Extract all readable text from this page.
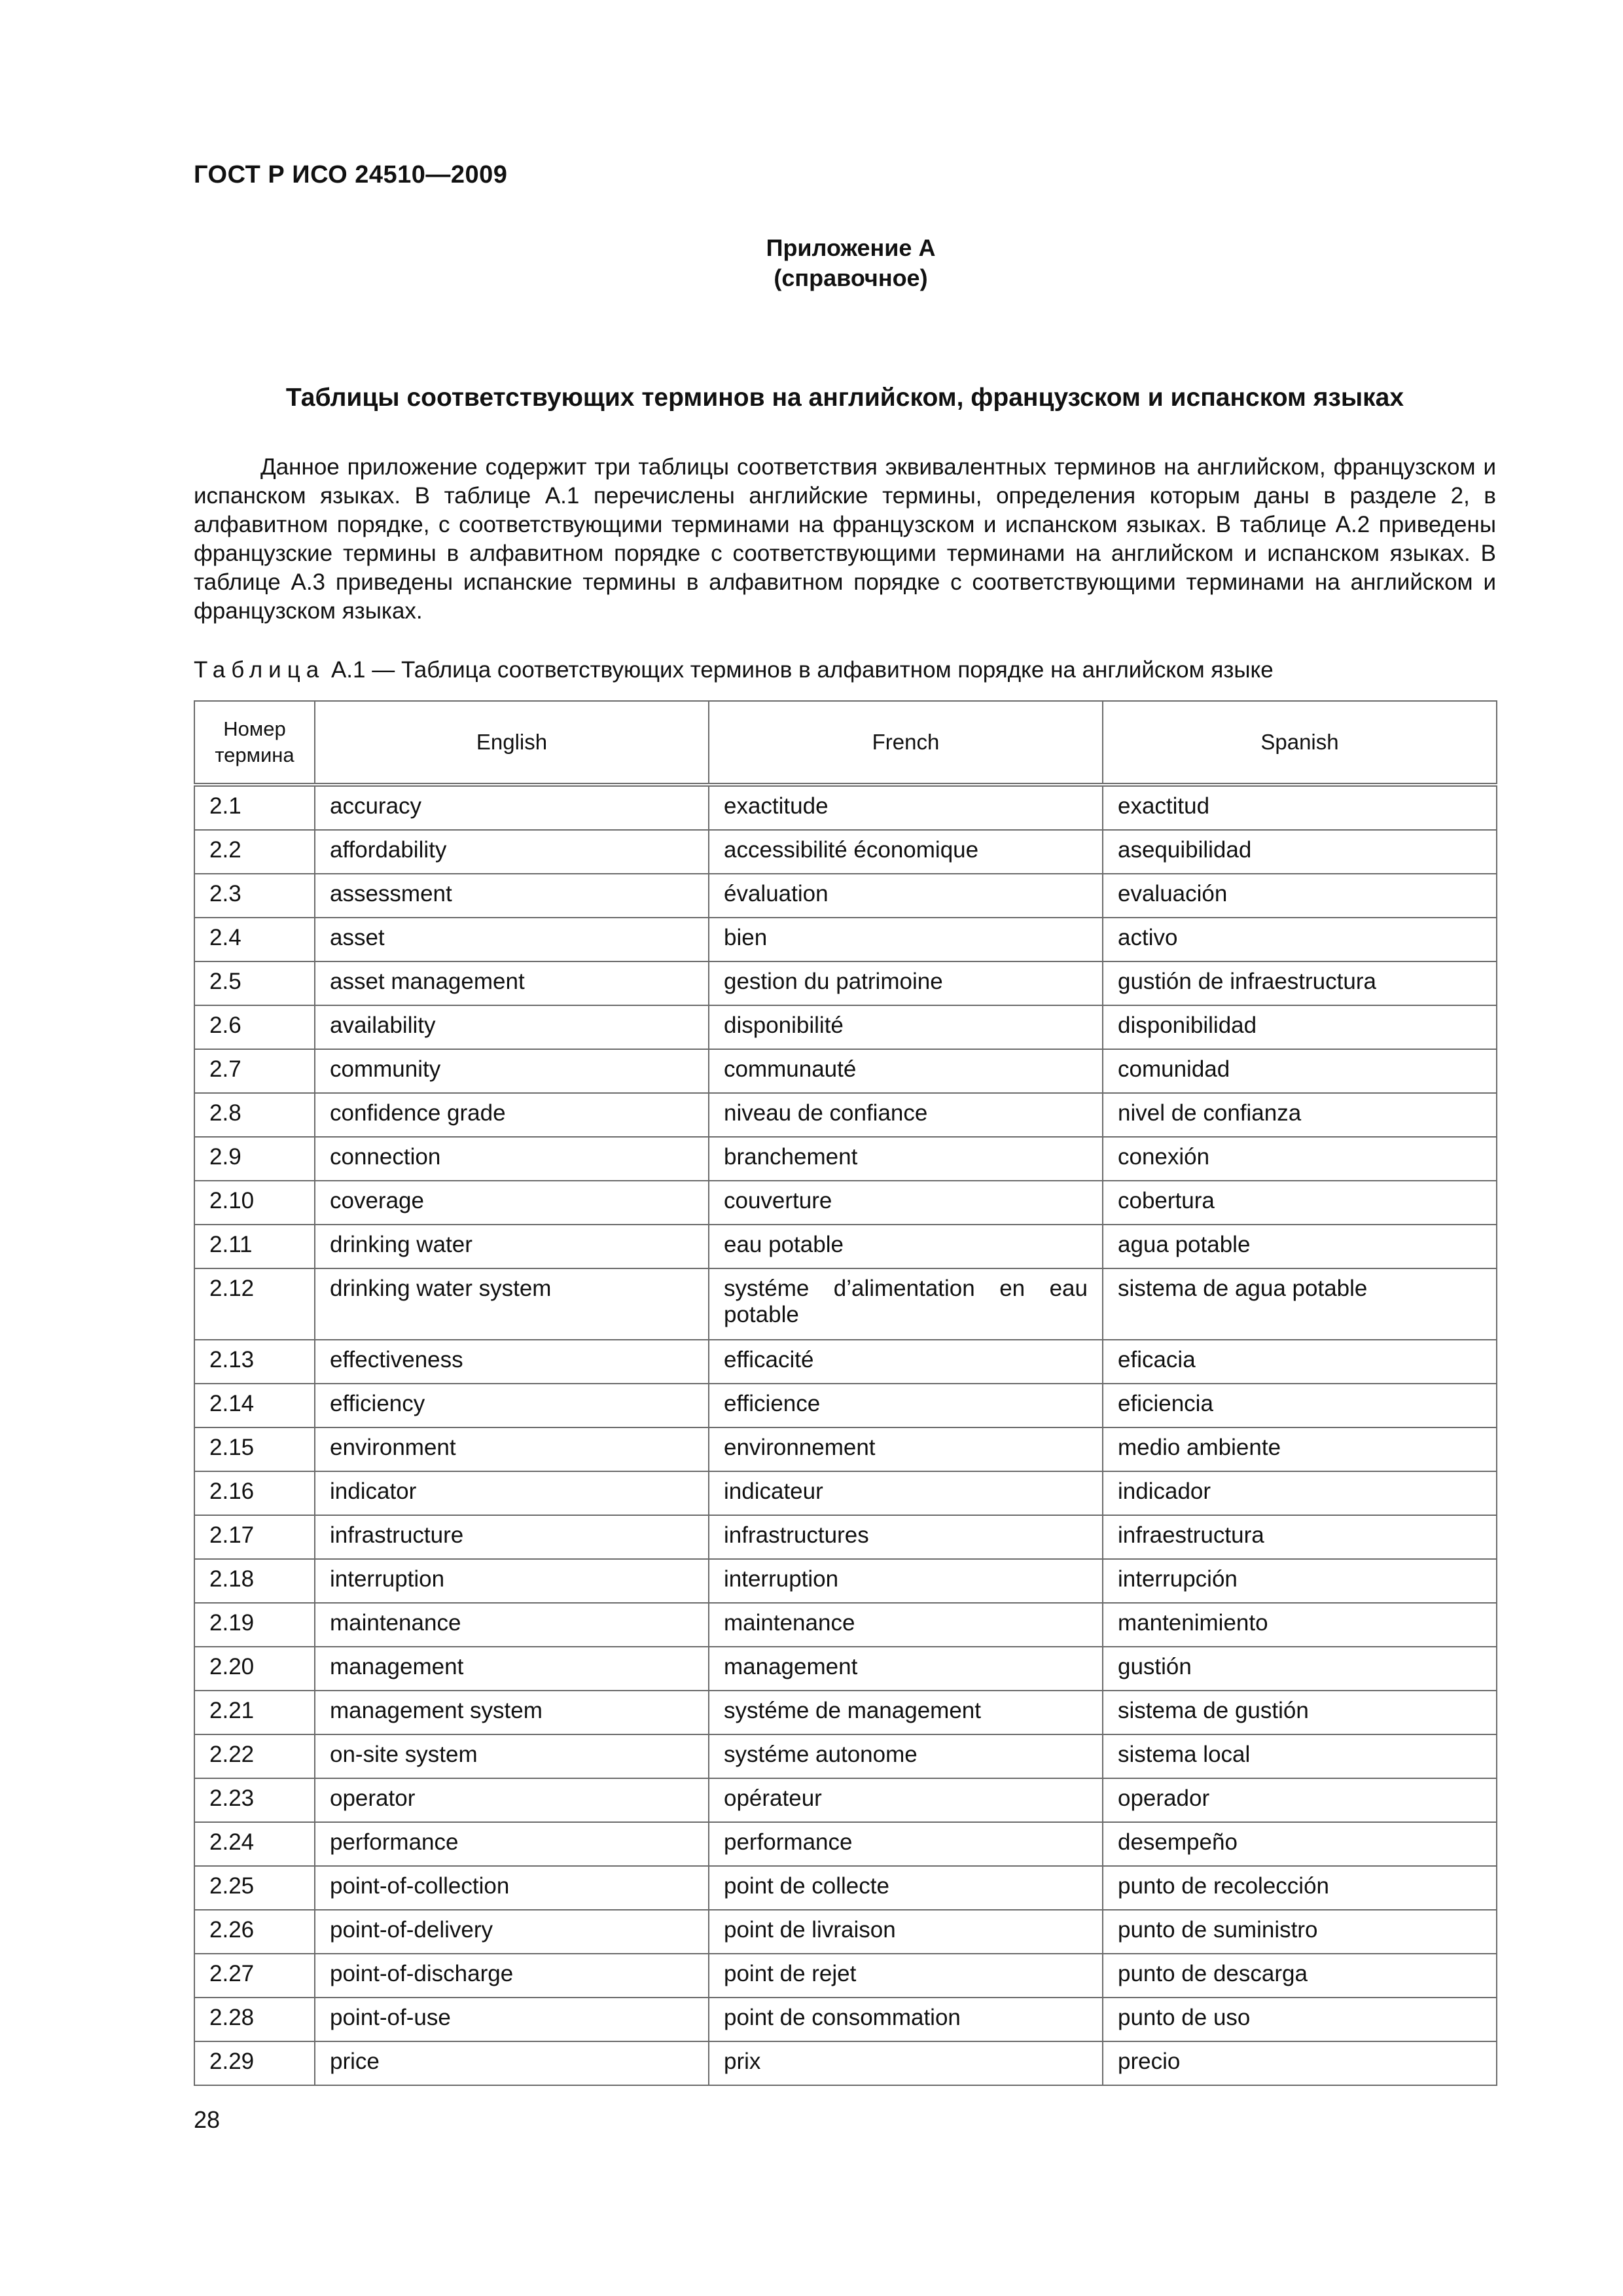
ГОСТ Р ИСО 24510—2009
Приложение А
(справочное)
Таблицы соответствующих терминов на английском, французском и испанском языках

Данное приложение содержит три таблицы соответствия эквивалентных терминов на английском, французском и испанском языках. В таблице А.1 перечислены английские термины, определения которым даны в разделе 2, в алфавитном порядке, с соответствующими терминами на французском и испанском языках. В таблице А.2 приведены французские термины в алфавитном порядке с соответствующими терминами на английском и испанском языках. В таблице А.3 приведены испанские термины в алфавитном порядке с соответствующими терминами на английском и французском языках.

Таблица А.1 — Таблица соответствующих терминов в алфавитном порядке на английском языке
Номер
термина	English	French	Spanish
2.1	accuracy	exactitude	exactitud
2.2	affordability	accessibilité économique	asequibilidad
2.3	assessment	évaluation	evaluación
2.4	asset	bien	activo
2.5	asset management	gestion du patrimoine	gustión de infraestructura
2.6	availability	disponibilité	disponibilidad
2.7	community	communauté	comunidad
2.8	confidence grade	niveau de confiance	nivel de confianza
2.9	connection	branchement	conexión
2.10	coverage	couverture	cobertura
2.11	drinking water	eau potable	agua potable
2.12	drinking water system	systéme d’alimentation en eau potable	sistema de agua potable
2.13	effectiveness	efficacité	eficacia
2.14	efficiency	efficience	eficiencia
2.15	environment	environnement	medio ambiente
2.16	indicator	indicateur	indicador
2.17	infrastructure	infrastructures	infraestructura
2.18	interruption	interruption	interrupción
2.19	maintenance	maintenance	mantenimiento
2.20	management	management	gustión
2.21	management system	systéme de management	sistema de gustión
2.22	on-site system	systéme autonome	sistema local
2.23	operator	opérateur	operador
2.24	performance	performance	desempeño
2.25	point-of-collection	point de collecte	punto de recolección
2.26	point-of-delivery	point de livraison	punto de suministro
2.27	point-of-discharge	point de rejet	punto de descarga
2.28	point-of-use	point de consommation	punto de uso
2.29	price	prix	precio
28
